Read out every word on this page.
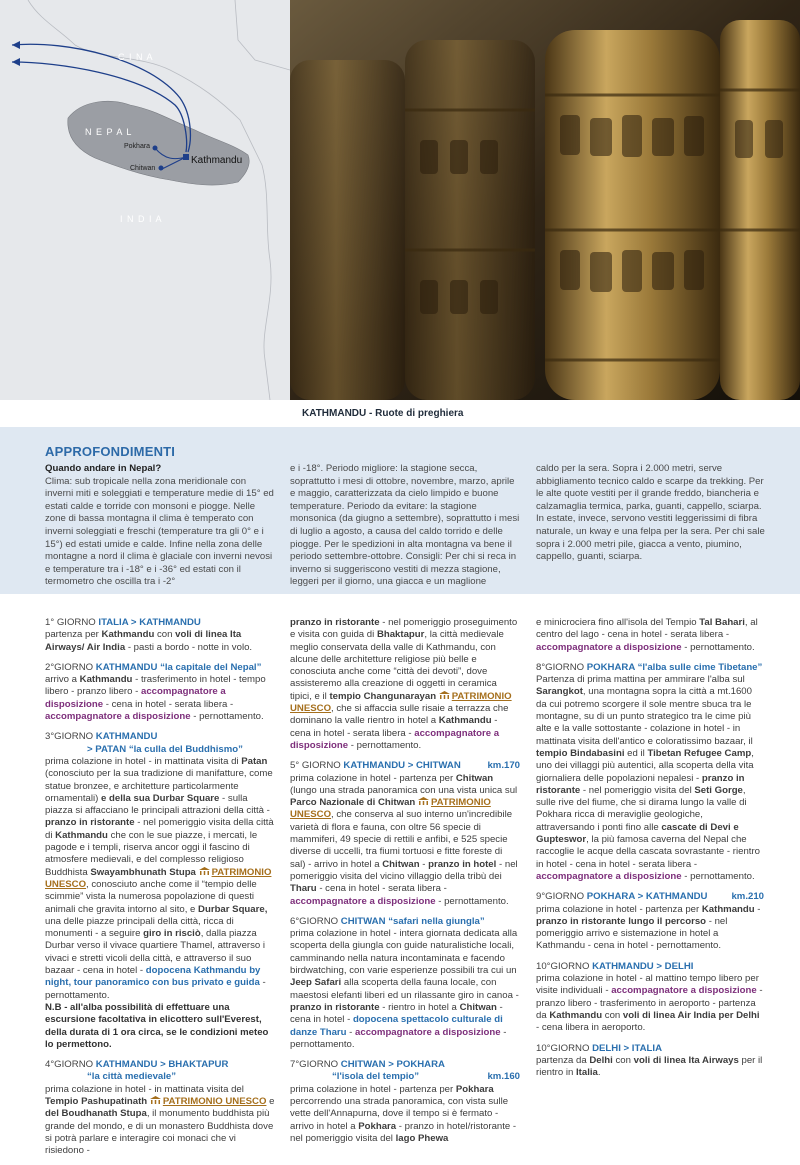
C I N A
N E P A L
I N D I A
Pokhara
Chitwan
Kathmandu
KATHMANDU - Ruote di preghiera
APPROFONDIMENTI
Quando andare in Nepal?
Clima: sub tropicale nella zona meridionale con inverni miti e soleggiati e temperature medie di 15° ed estati calde e torride con monsoni e piogge. Nelle zone di bassa montagna il clima è temperato con inverni soleggiati e freschi (temperature tra gli 0° e i 15°) ed estati umide e calde. Infine nella zona delle montagne a nord il clima è glaciale con inverni nevosi e temperature tra i -18° e i -36° ed estati con il termometro che oscilla tra i -2°
e i -18°. Periodo migliore: la stagione secca, soprattutto i mesi di ottobre, novembre, marzo, aprile e maggio, caratterizzata da cielo limpido e buone temperature. Periodo da evitare: la stagione monsonica (da giugno a settembre), soprattutto i mesi di luglio a agosto, a causa del caldo torrido e delle piogge. Per le spedizioni in alta montagna va bene il periodo settembre-ottobre. Consigli: Per chi si reca in inverno si suggeriscono vestiti di mezza stagione, leggeri per il giorno, una giacca e un maglione
caldo per la sera. Sopra i 2.000 metri, serve abbigliamento tecnico caldo e scarpe da trekking. Per le alte quote vestiti per il grande freddo, biancheria e calzamaglia termica, parka, guanti, cappello, sciarpa. In estate, invece, servono vestiti leggerissimi di fibra naturale, un kway e una felpa per la sera. Per chi sale sopra i 2.000 metri pile, giacca a vento, piumino, cappello, guanti, sciarpa.
1° GIORNO ITALIA > KATHMANDU
partenza per Kathmandu con voli di linea Ita Airways/ Air India - pasti a bordo - notte in volo.
2°GIORNO KATHMANDU “la capitale del Nepal”
arrivo a Kathmandu - trasferimento in hotel - tempo libero - pranzo libero - accompagnatore a disposizione - cena in hotel - serata libera - accompagnatore a disposizione - pernottamento.
3°GIORNO KATHMANDU
> PATAN “la culla del Buddhismo”
prima colazione in hotel - in mattinata visita di Patan (conosciuto per la sua tradizione di manifatture, come statue bronzee, e architetture particolarmente ornamentali) e della sua Durbar Square - sulla piazza si affacciano le principali attrazioni della città - pranzo in ristorante - nel pomeriggio visita della città di Kathmandu che con le sue piazze, i mercati, le pagode e i templi, riserva ancor oggi il fascino di atmosfere medievali, e del complesso religioso Buddhista Swayambhunath Stupa PATRIMONIO UNESCO, conosciuto anche come il “tempio delle scimmie” vista la numerosa popolazione di questi animali che gravita intorno al sito, e Durbar Square, una delle piazze principali della città, ricca di monumenti - a seguire giro in risciò, dalla piazza Durbar verso il vivace quartiere Thamel, attraverso i vivaci e stretti vicoli della città, e attraverso il suo bazaar - cena in hotel - dopocena Kathmandu by night, tour panoramico con bus privato e guida -pernottamento.
N.B - all'alba possibilità di effettuare una escursione facoltativa in elicottero sull'Everest, della durata di 1 ora circa, se le condizioni meteo lo permettono.
4°GIORNO KATHMANDU > BHAKTAPUR
“la città medievale”
prima colazione in hotel - in mattinata visita del Tempio Pashupatinath PATRIMONIO UNESCO e del Boudhanath Stupa, il monumento buddhista più grande del mondo, e di un monastero Buddhista dove si potrà parlare e interagire coi monaci che vi risiedono -
pranzo in ristorante - nel pomeriggio proseguimento e visita con guida di Bhaktapur, la città medievale meglio conservata della valle di Kathmandu, con alcune delle architetture religiose più belle e conosciuta anche come “città dei devoti”, dove assisteremo alla creazione di oggetti in ceramica tipici, e il tempio Changunarayan PATRIMONIO UNESCO, che si affaccia sulle risaie a terrazza che dominano la valle rientro in hotel a Kathmandu - cena in hotel - serata libera - accompagnatore a disposizione - pernottamento.
5° GIORNO KATHMANDU > CHITWAN	km.170
prima colazione in hotel - partenza per Chitwan (lungo una strada panoramica con una vista unica sul Parco Nazionale di Chitwan PATRIMONIO UNESCO, che conserva al suo interno un'incredibile varietà di flora e fauna, con oltre 56 specie di mammiferi, 49 specie di rettili e anfibi, e 525 specie diverse di uccelli, tra fiumi tortuosi e fitte foreste di sal) - arrivo in hotel a Chitwan - pranzo in hotel - nel pomeriggio visita del vicino villaggio della tribù dei Tharu - cena in hotel - serata libera - accompagnatore a disposizione - pernottamento.
6°GIORNO CHITWAN “safari nella giungla”
prima colazione in hotel - intera giornata dedicata alla scoperta della giungla con guide naturalistiche locali, camminando nella natura incontaminata e facendo birdwatching, con varie esperienze possibili tra cui un Jeep Safari alla scoperta della fauna locale, con maestosi elefanti liberi ed un rilassante giro in canoa - pranzo in ristorante - rientro in hotel a Chitwan - cena in hotel - dopocena spettacolo culturale di danze Tharu - accompagnatore a disposizione - pernottamento.
7°GIORNO CHITWAN > POKHARA
“l'isola del tempio”	km.160
prima colazione in hotel - partenza per Pokhara percorrendo una strada panoramica, con vista sulle vette dell'Annapurna, dove il tempo si è fermato - arrivo in hotel a Pokhara - pranzo in hotel/ristorante - nel pomeriggio visita del lago Phewa
e minicrociera fino all'isola del Tempio Tal Bahari, al centro del lago - cena in hotel - serata libera - accompagnatore a disposizione - pernottamento.
8°GIORNO POKHARA “l'alba sulle cime Tibetane”
Partenza di prima mattina per ammirare l'alba sul Sarangkot, una montagna sopra la città a mt.1600 da cui potremo scorgere il sole mentre sbuca tra le montagne, su di un punto strategico tra le cime più alte e la valle sottostante - colazione in hotel - in mattinata visita dell'antico e coloratissimo bazaar, il tempio Bindabasini ed il Tibetan Refugee Camp, uno dei villaggi più autentici, alla scoperta della vita giornaliera delle popolazioni nepalesi - pranzo in ristorante - nel pomeriggio visita del Seti Gorge, sulle rive del fiume, che si dirama lungo la valle di Pokhara ricca di meraviglie geologiche, attraversando i ponti fino alle cascate di Devi e Gupteswor, la più famosa caverna del Nepal che raccoglie le acque della cascata sovrastante - rientro in hotel - cena in hotel - serata libera - accompagnatore a disposizione - pernottamento.
9°GIORNO POKHARA > KATHMANDU km.210
prima colazione in hotel - partenza per Kathmandu - pranzo in ristorante lungo il percorso - nel pomeriggio arrivo e sistemazione in hotel a Kathmandu - cena in hotel - pernottamento.
10°GIORNO KATHMANDU > DELHI
prima colazione in hotel - al mattino tempo libero per visite individuali - accompagnatore a disposizione - pranzo libero - trasferimento in aeroporto - partenza da Kathmandu con voli di linea Air India per Delhi - cena libera in aeroporto.
10°GIORNO DELHI > ITALIA
partenza da Delhi con voli di linea Ita Airways per il rientro in Italia.
